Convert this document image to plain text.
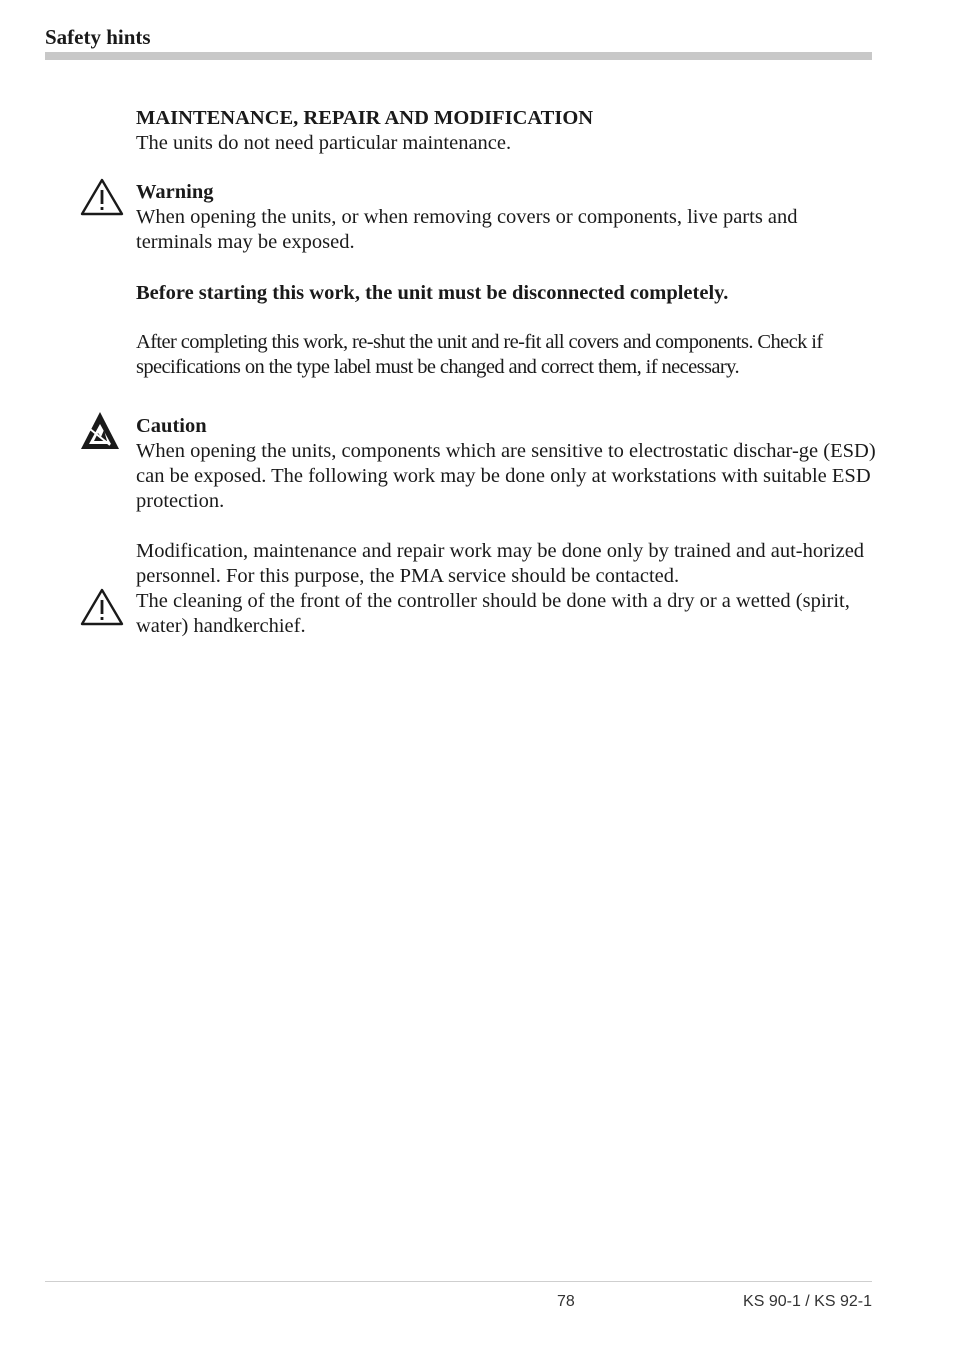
Safety hints

MAINTENANCE, REPAIR AND MODIFICATION

The units do not need particular maintenance.

Warning

When opening the units, or when removing covers or components, live parts and terminals may be exposed.

Before starting this work, the unit must be disconnected completely.

After completing this work, re-shut the unit and re-fit all covers and components. Check if specifications on the type label must be changed and correct them, if necessary.

Caution

When opening the units, components which are sensitive to electrostatic dischar-ge (ESD) can be exposed. The following work may be done only at workstations with suitable ESD protection.

Modification, maintenance and repair work may be done only by trained and aut-horized personnel. For this purpose, the PMA service should be contacted.

The cleaning of the front of the controller should be done with a dry or a wetted (spirit, water) handkerchief.

78	KS 90-1 / KS 92-1
